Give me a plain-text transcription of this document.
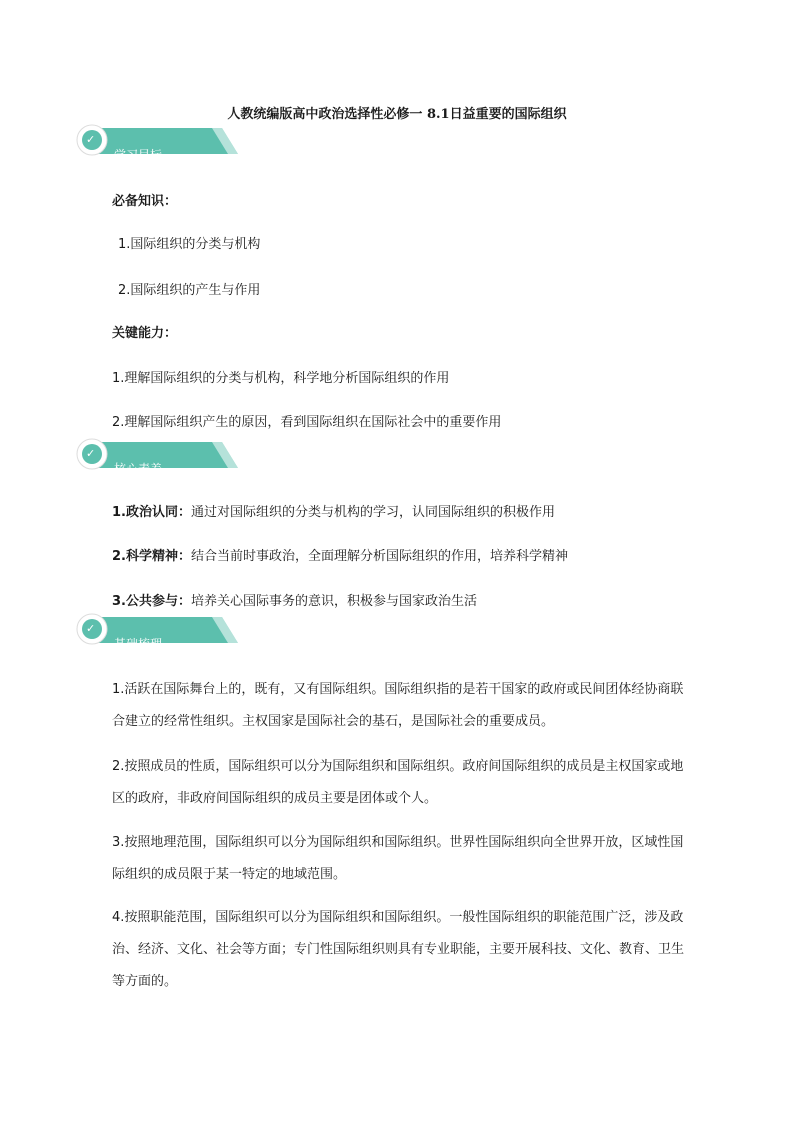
人教统编版高中政治选择性必修一 8.1日益重要的国际组织
✓
学习目标
必备知识：
1.国际组织的分类与机构
2.国际组织的产生与作用
关键能力：
1.理解国际组织的分类与机构，科学地分析国际组织的作用
2.理解国际组织产生的原因，看到国际组织在国际社会中的重要作用
✓
核心素养
1.政治认同：通过对国际组织的分类与机构的学习，认同国际组织的积极作用
2.科学精神：结合当前时事政治，全面理解分析国际组织的作用，培养科学精神
3.公共参与：培养关心国际事务的意识，积极参与国家政治生活
✓
基础梳理
1.活跃在国际舞台上的，既有，又有国际组织。国际组织指的是若干国家的政府或民间团体经协商联合建立的经常性组织。主权国家是国际社会的基石，是国际社会的重要成员。
2.按照成员的性质，国际组织可以分为国际组织和国际组织。政府间国际组织的成员是主权国家或地区的政府，非政府间国际组织的成员主要是团体或个人。
3.按照地理范围，国际组织可以分为国际组织和国际组织。世界性国际组织向全世界开放，区域性国际组织的成员限于某一特定的地域范围。
4.按照职能范围，国际组织可以分为国际组织和国际组织。一般性国际组织的职能范围广泛，涉及政治、经济、文化、社会等方面；专门性国际组织则具有专业职能，主要开展科技、文化、教育、卫生等方面的。
